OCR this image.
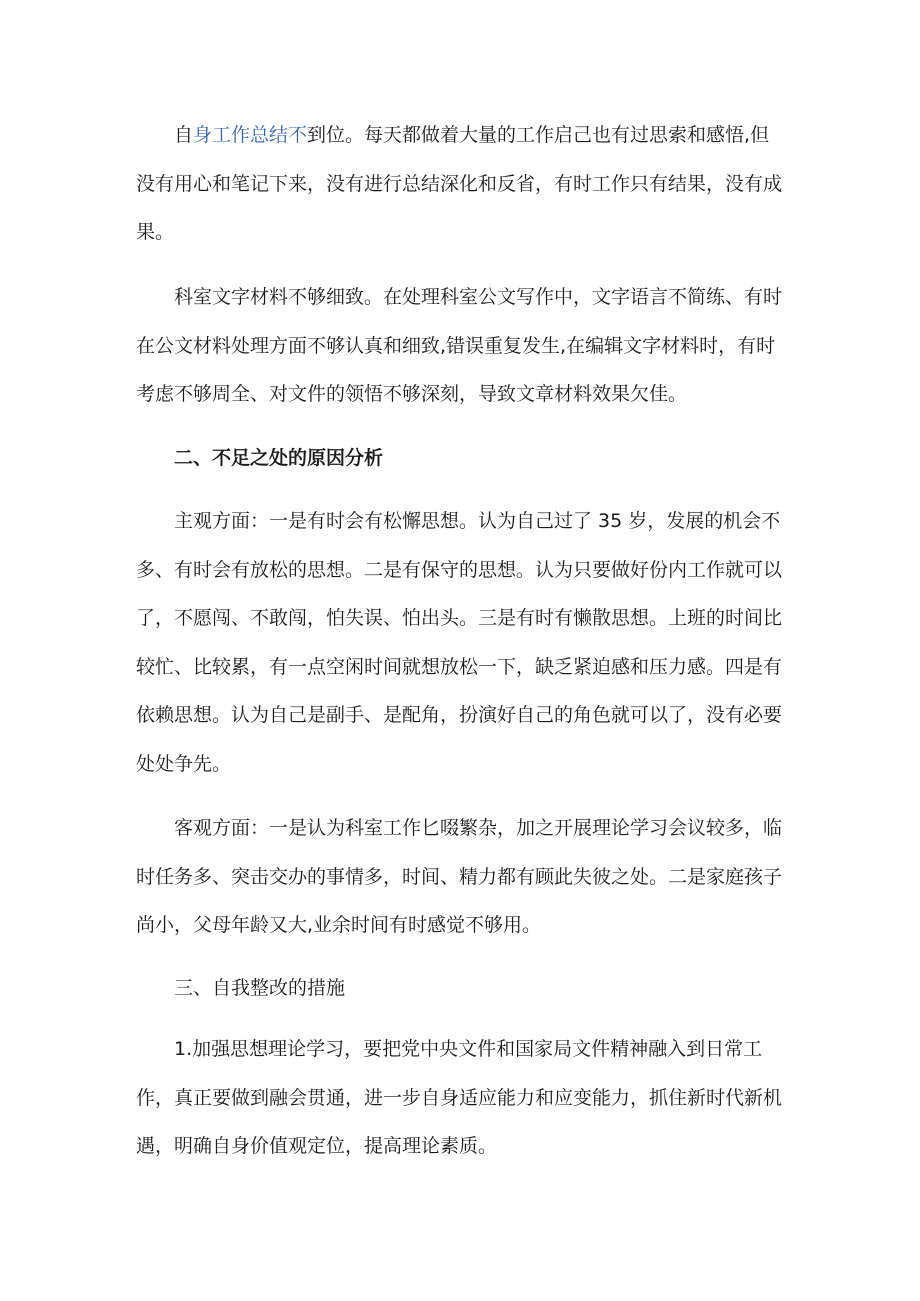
自身工作总结不到位。每天都做着大量的工作启己也有过思索和感悟,但没有用心和笔记下来，没有进行总结深化和反省，有时工作只有结果，没有成果。

科室文字材料不够细致。在处理科室公文写作中，文字语言不简练、有时在公文材料处理方面不够认真和细致,错误重复发生,在编辑文字材料时，有时考虑不够周全、对文件的领悟不够深刻，导致文章材料效果欠佳。

二、不足之处的原因分析

主观方面：一是有时会有松懈思想。认为自己过了 35 岁，发展的机会不多、有时会有放松的思想。二是有保守的思想。认为只要做好份内工作就可以了，不愿闯、不敢闯，怕失误、怕出头。三是有时有懒散思想。上班的时间比较忙、比较累，有一点空闲时间就想放松一下，缺乏紧迫感和压力感。四是有依赖思想。认为自己是副手、是配角，扮演好自己的角色就可以了，没有必要处处争先。

客观方面：一是认为科室工作匕啜繁杂，加之开展理论学习会议较多，临时任务多、突击交办的事情多，时间、精力都有顾此失彼之处。二是家庭孩子尚小，父母年龄又大,业余时间有时感觉不够用。

三、自我整改的措施

1.加强思想理论学习，要把党中央文件和国家局文件精神融入到日常工作，真正要做到融会贯通，进一步自身适应能力和应变能力，抓住新时代新机遇，明确自身价值观定位，提高理论素质。
